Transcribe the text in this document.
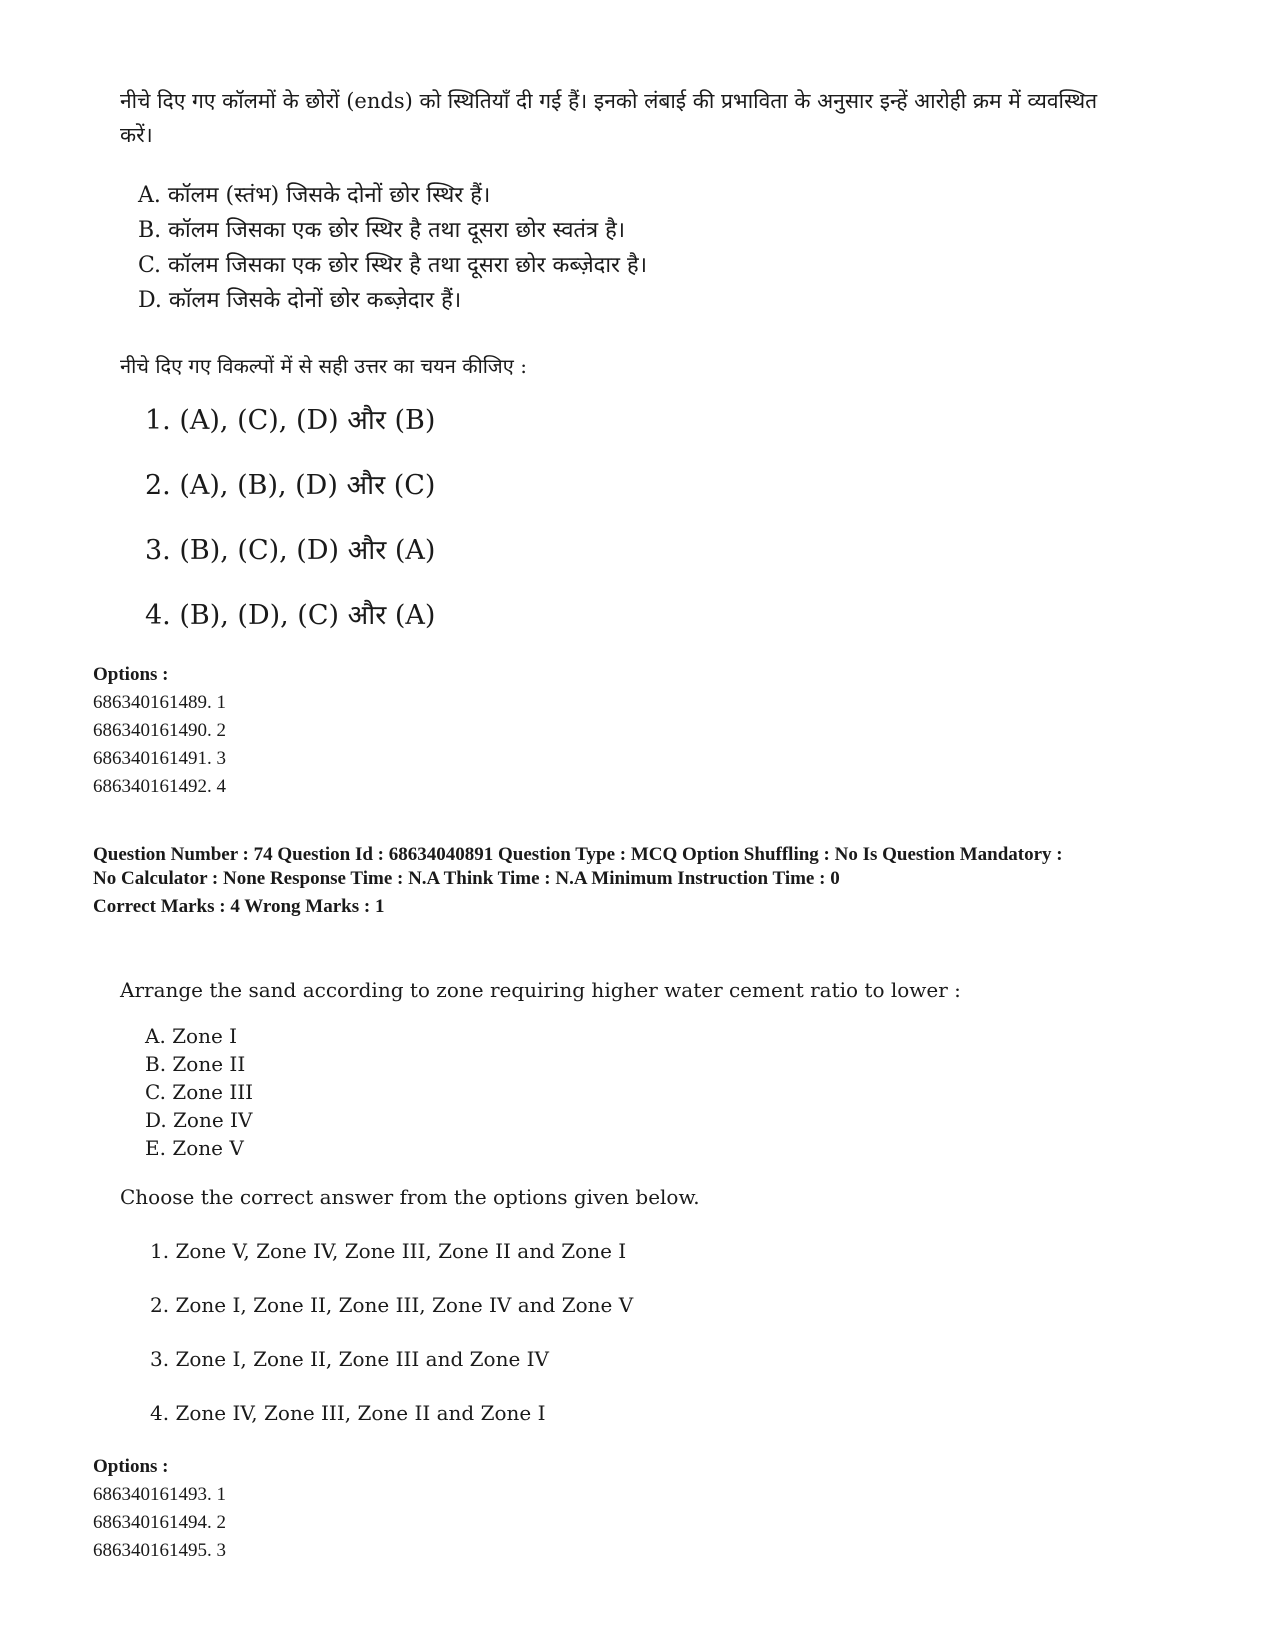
नीचे दिए गए कॉलमों के छोरों (ends) को स्थितियाँ दी गई हैं। इनको लंबाई की प्रभाविता के अनुसार इन्हें आरोही क्रम में व्यवस्थित करें।
A. कॉलम (स्तंभ) जिसके दोनों छोर स्थिर हैं।
B. कॉलम जिसका एक छोर स्थिर है तथा दूसरा छोर स्वतंत्र है।
C. कॉलम जिसका एक छोर स्थिर है तथा दूसरा छोर कब्ज़ेदार है।
D. कॉलम जिसके दोनों छोर कब्ज़ेदार हैं।
नीचे दिए गए विकल्पों में से सही उत्तर का चयन कीजिए :
1. (A), (C), (D) और (B)
2. (A), (B), (D) और (C)
3. (B), (C), (D) और (A)
4. (B), (D), (C) और (A)
Options :
686340161489. 1
686340161490. 2
686340161491. 3
686340161492. 4
Question Number : 74 Question Id : 68634040891 Question Type : MCQ Option Shuffling : No Is Question Mandatory :
No Calculator : None Response Time : N.A Think Time : N.A Minimum Instruction Time : 0
Correct Marks : 4 Wrong Marks : 1
Arrange the sand according to zone requiring higher water cement ratio to lower :
A. Zone I
B. Zone II
C. Zone III
D. Zone IV
E. Zone V
Choose the correct answer from the options given below.
1. Zone V, Zone IV, Zone III, Zone II and Zone I
2. Zone I, Zone II, Zone III, Zone IV and Zone V
3. Zone I, Zone II, Zone III and Zone IV
4. Zone IV, Zone III, Zone II and Zone I
Options :
686340161493. 1
686340161494. 2
686340161495. 3
